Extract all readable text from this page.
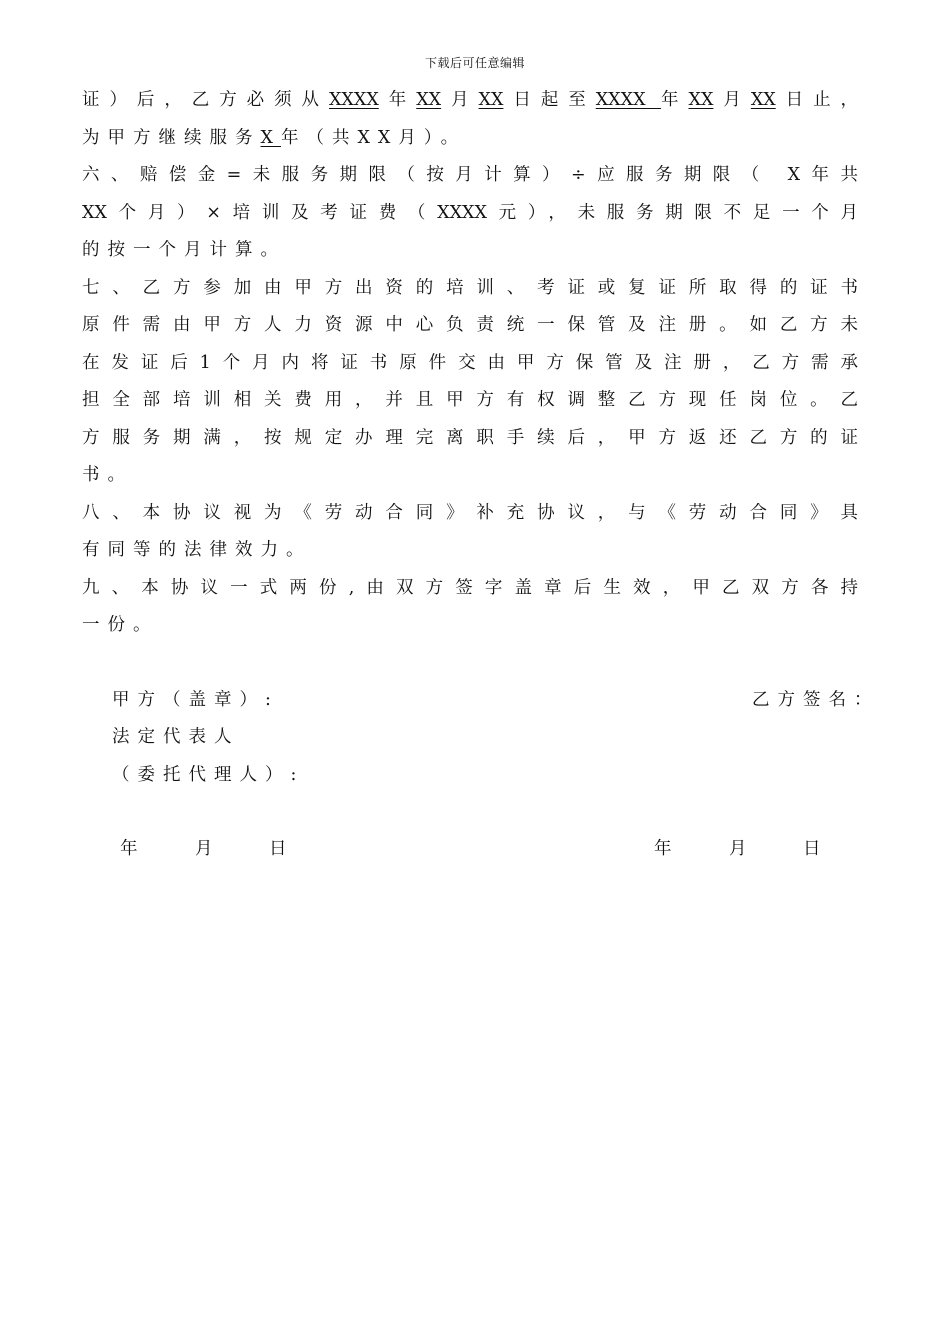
下载后可任意编辑
证）后，乙方必须从XXXX年XX月XX日起至XXXX 年XX月XX日止，
为甲方继续服务X年（共XX月）。
六、赔偿金=未服务期限（按月计算）÷应服务期限（ X年共
XX个月）×培训及考证费（XXXX元），未服务期限不足一个月
的按一个月计算。
七、乙方参加由甲方出资的培训、考证或复证所取得的证书
原件需由甲方人力资源中心负责统一保管及注册。如乙方未
在发证后1个月内将证书原件交由甲方保管及注册，乙方需承
担全部培训相关费用，并且甲方有权调整乙方现任岗位。乙
方服务期满，按规定办理完离职手续后，甲方返还乙方的证
书。
八、本协议视为《劳动合同》补充协议，与《劳动合同》具
有同等的法律效力。
九、本协议一式两份,由双方签字盖章后生效，甲乙双方各持
一份。
甲方（盖章）:
法定代表人
（委托代理人）:
乙方签名：
年	月	日	年	月	日
